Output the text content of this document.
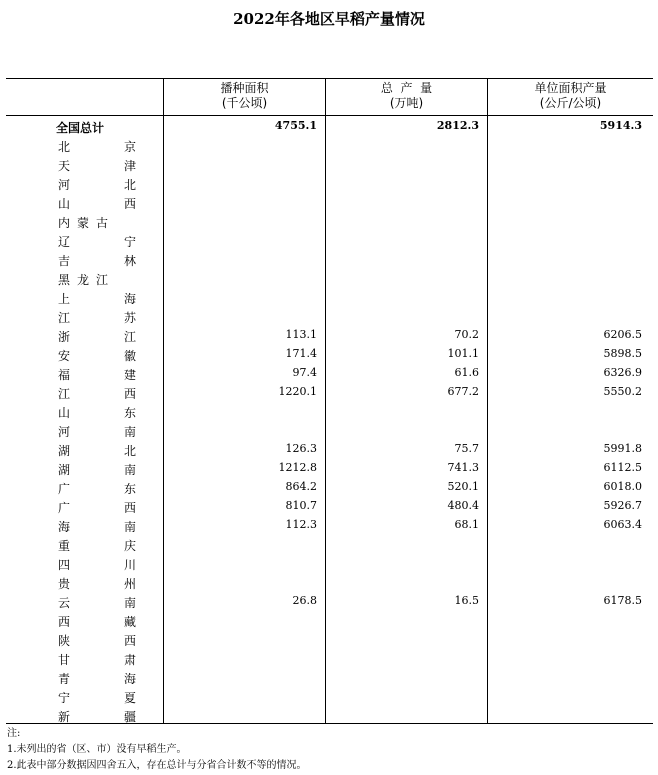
2022年各地区早稻产量情况
播种面积
(千公顷)
总  产  量
(万吨)
单位面积产量
(公斤/公顷)
全国总计	4755.1	2812.3	5914.3
北	京
天	津
河	北
山	西
内 蒙 古
辽	宁
吉	林
黑 龙 江
上	海
江	苏
浙	江	113.1	70.2	6206.5
安	徽	171.4	101.1	5898.5
福	建	97.4	61.6	6326.9
江	西	1220.1	677.2	5550.2
山	东
河	南
湖	北	126.3	75.7	5991.8
湖	南	1212.8	741.3	6112.5
广	东	864.2	520.1	6018.0
广	西	810.7	480.4	5926.7
海	南	112.3	68.1	6063.4
重	庆
四	川
贵	州
云	南	26.8	16.5	6178.5
西	藏
陕	西
甘	肃
青	海
宁	夏
新	疆
注:
1.未列出的省（区、市）没有早稻生产。
2.此表中部分数据因四舍五入，存在总计与分省合计数不等的情况。
